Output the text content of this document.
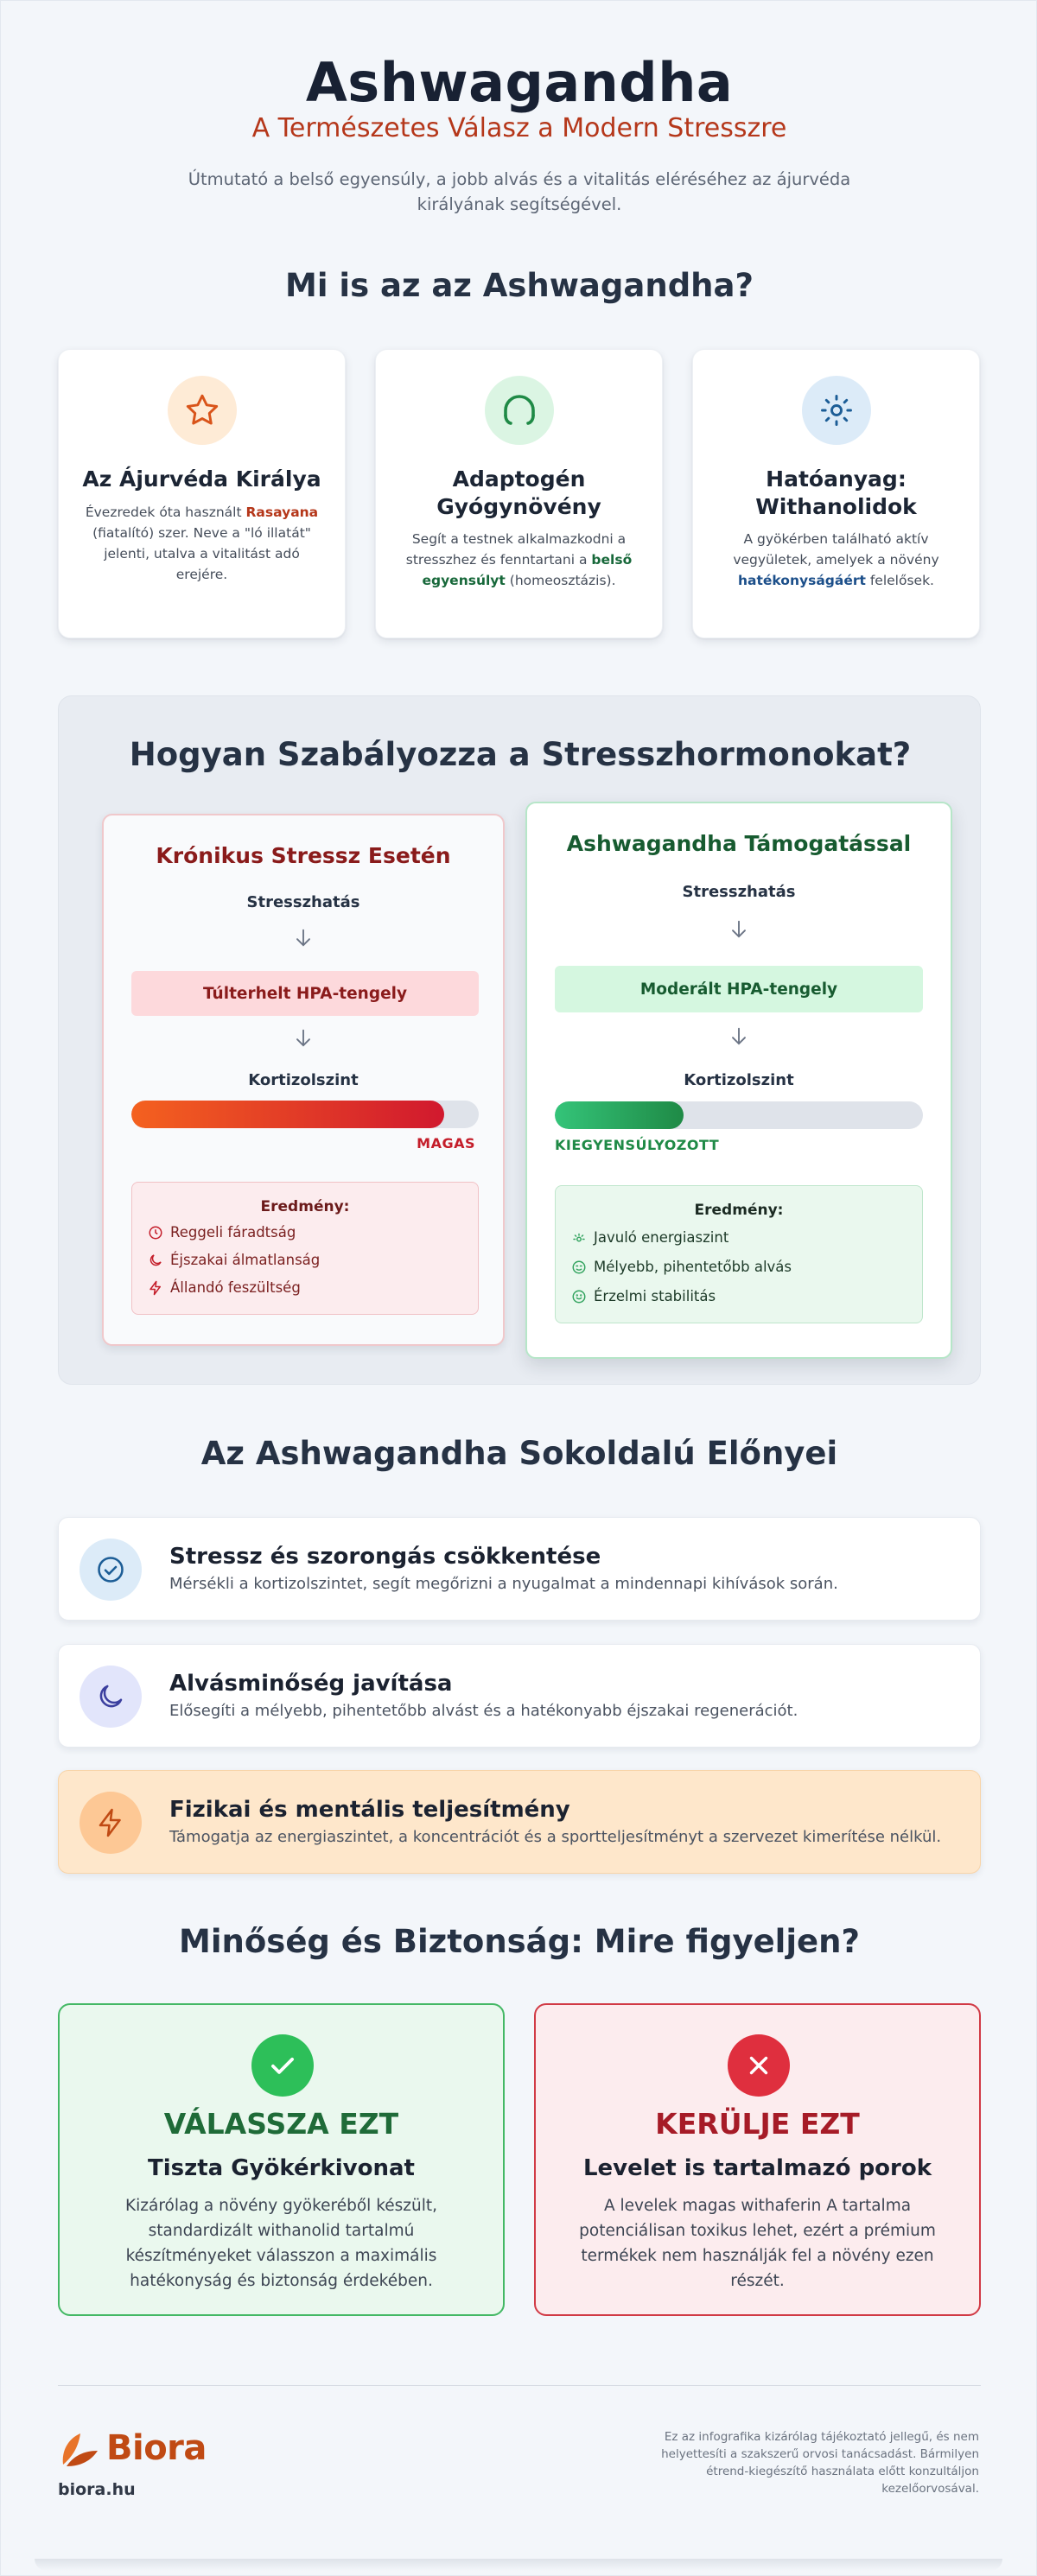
Ashwagandha
A Természetes Válasz a Modern Stresszre
Útmutató a belső egyensúly, a jobb alvás és a vitalitás eléréséhez az ájurvéda királyának segítségével.
Mi is az az Ashwagandha?
Az Ájurvéda Királya
Évezredek óta használt Rasayana (fiatalító) szer. Neve a "ló illatát" jelenti, utalva a vitalitást adó erejére.
Adaptogén Gyógynövény
Segít a testnek alkalmazkodni a stresszhez és fenntartani a belső egyensúlyt (homeosztázis).
Hatóanyag: Withanolidok
A gyökérben található aktív vegyületek, amelyek a növény hatékonyságáért felelősek.
Hogyan Szabályozza a Stresszhormonokat?
Krónikus Stressz Esetén
Stresszhatás
Túlterhelt HPA-tengely
Kortizolszint
MAGAS
Eredmény:
Reggeli fáradtság
Éjszakai álmatlanság
Állandó feszültség
Ashwagandha Támogatással
Stresszhatás
Moderált HPA-tengely
Kortizolszint
KIEGYENSÚLYOZOTT
Eredmény:
Javuló energiaszint
Mélyebb, pihentetőbb alvás
Érzelmi stabilitás
Az Ashwagandha Sokoldalú Előnyei
Stressz és szorongás csökkentése
Mérsékli a kortizolszintet, segít megőrizni a nyugalmat a mindennapi kihívások során.
Alvásminőség javítása
Elősegíti a mélyebb, pihentetőbb alvást és a hatékonyabb éjszakai regenerációt.
Fizikai és mentális teljesítmény
Támogatja az energiaszintet, a koncentrációt és a sportteljesítményt a szervezet kimerítése nélkül.
Minőség és Biztonság: Mire figyeljen?
VÁLASSZA EZT
Tiszta Gyökérkivonat
Kizárólag a növény gyökeréből készült, standardizált withanolid tartalmú készítményeket válasszon a maximális hatékonyság és biztonság érdekében.
KERÜLJE EZT
Levelet is tartalmazó porok
A levelek magas withaferin A tartalma potenciálisan toxikus lehet, ezért a prémium termékek nem használják fel a növény ezen részét.
Biora
biora.hu
Ez az infografika kizárólag tájékoztató jellegű, és nem helyettesíti a szakszerű orvosi tanácsadást. Bármilyen étrend-kiegészítő használata előtt konzultáljon kezelőorvosával.
